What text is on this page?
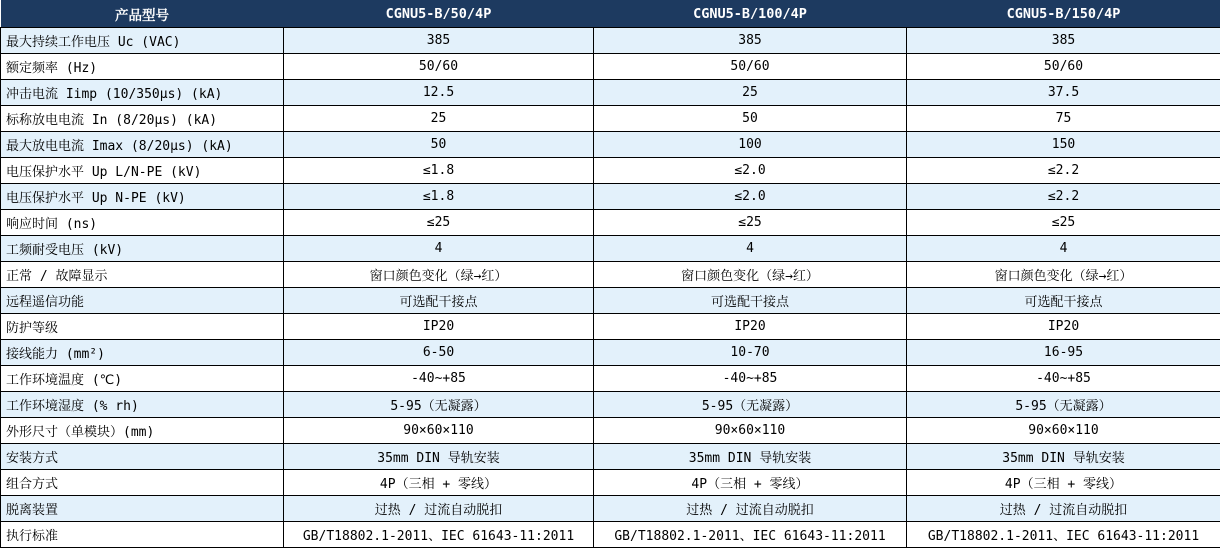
产品型号	CGNU5-B/50/4P	CGNU5-B/100/4P	CGNU5-B/150/4P
最大持续工作电压 Uc (VAC)	385	385	385
额定频率 (Hz)	50/60	50/60	50/60
冲击电流 Iimp (10/350μs) (kA)	12.5	25	37.5
标称放电电流 In (8/20μs) (kA)	25	50	75
最大放电电流 Imax (8/20μs) (kA)	50	100	150
电压保护水平 Up L/N-PE (kV)	≤1.8	≤2.0	≤2.2
电压保护水平 Up N-PE (kV)	≤1.8	≤2.0	≤2.2
响应时间 (ns)	≤25	≤25	≤25
工频耐受电压 (kV)	4	4	4
正常 / 故障显示	窗口颜色变化（绿→红）	窗口颜色变化（绿→红）	窗口颜色变化（绿→红）
远程遥信功能	可选配干接点	可选配干接点	可选配干接点
防护等级	IP20	IP20	IP20
接线能力 (mm²)	6-50	10-70	16-95
工作环境温度 (℃)	-40~+85	-40~+85	-40~+85
工作环境湿度 (% rh)	5-95（无凝露）	5-95（无凝露）	5-95（无凝露）
外形尺寸（单模块）(mm)	90×60×110	90×60×110	90×60×110
安装方式	35mm DIN 导轨安装	35mm DIN 导轨安装	35mm DIN 导轨安装
组合方式	4P（三相 + 零线）	4P（三相 + 零线）	4P（三相 + 零线）
脱离装置	过热 / 过流自动脱扣	过热 / 过流自动脱扣	过热 / 过流自动脱扣
执行标准	GB/T18802.1-2011、IEC 61643-11:2011	GB/T18802.1-2011、IEC 61643-11:2011	GB/T18802.1-2011、IEC 61643-11:2011
